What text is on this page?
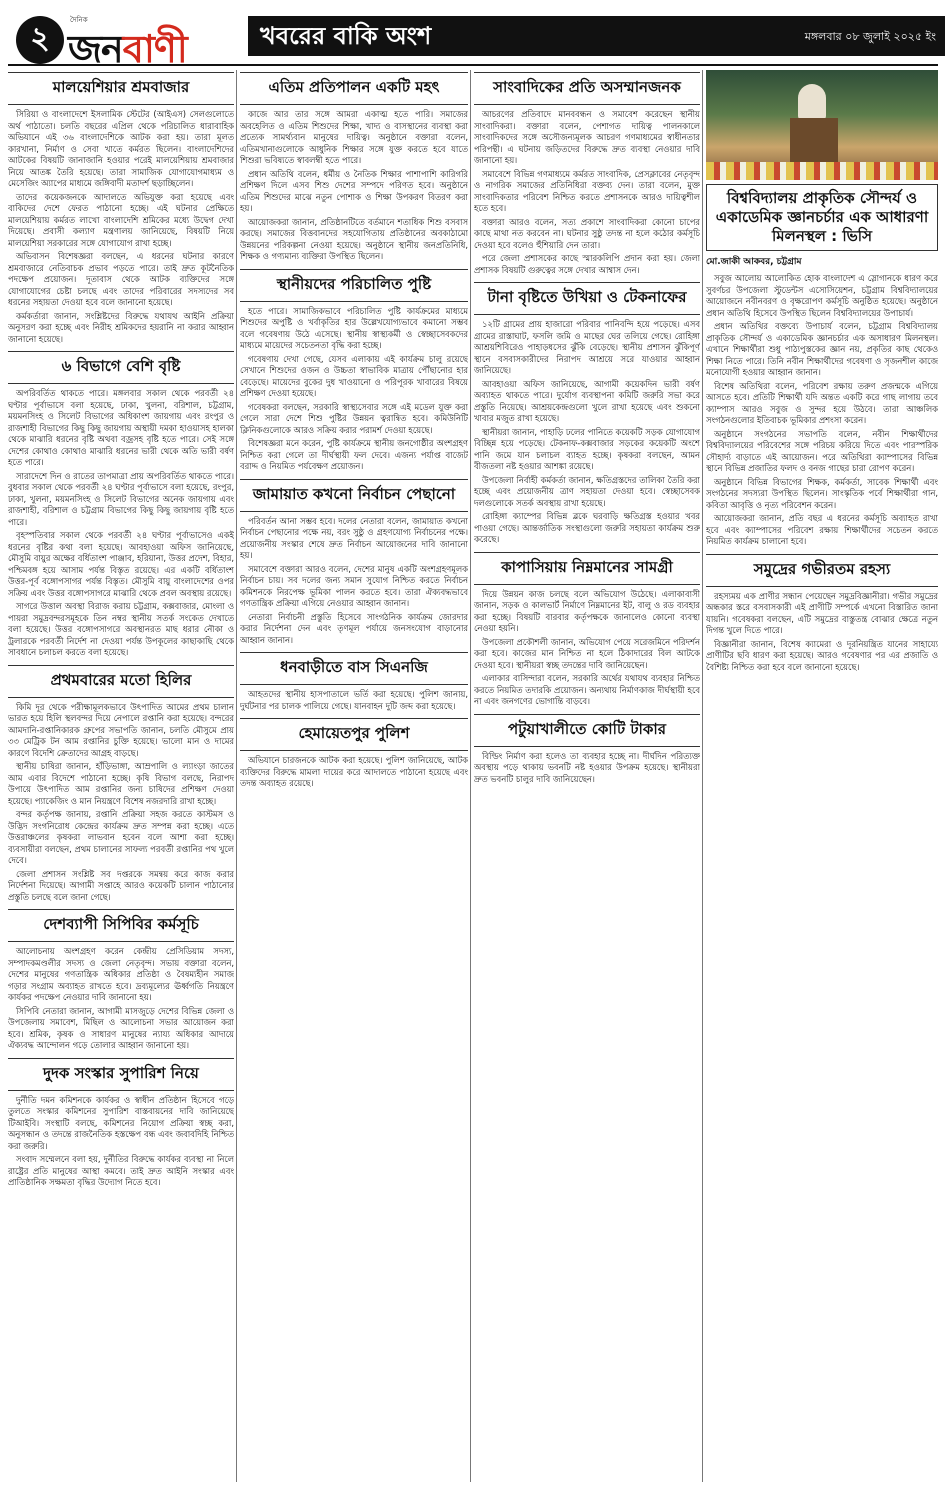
২
দৈনিক
জনবাণী	খবরের বাকি অংশ	মঙ্গলবার ০৮ জুলাই ২০২৫ ইং
মালয়েশিয়ার শ্রমবাজার

সিরিয়া ও বাংলাদেশে ইসলামিক স্টেটের (আইএস) সেলগুলোতে অর্থ পাঠাতো। চলতি বছরের এপ্রিল থেকে পরিচালিত ধারাবাহিক অভিযানে এই ৩৬ বাংলাদেশিকে আটক করা হয়। তারা মূলত কারখানা, নির্মাণ ও সেবা খাতে কর্মরত ছিলেন। বাংলাদেশিদের আটকের বিষয়টি জানাজানি হওয়ার পরেই মালয়েশিয়ায় শ্রমবাজার নিয়ে আতঙ্ক তৈরি হয়েছে। তারা সামাজিক যোগাযোগমাধ্যম ও মেসেজিং অ্যাপের মাধ্যমে জঙ্গিবাদী মতাদর্শ ছড়াচ্ছিলেন।

তাদের কয়েকজনকে আদালতে অভিযুক্ত করা হয়েছে এবং বাকিদের দেশে ফেরত পাঠানো হচ্ছে। এই ঘটনার প্রেক্ষিতে মালয়েশিয়ায় কর্মরত লাখো বাংলাদেশি শ্রমিকের মধ্যে উদ্বেগ দেখা দিয়েছে। প্রবাসী কল্যাণ মন্ত্রণালয় জানিয়েছে, বিষয়টি নিয়ে মালয়েশিয়া সরকারের সঙ্গে যোগাযোগ রাখা হচ্ছে।

অভিবাসন বিশেষজ্ঞরা বলছেন, এ ধরনের ঘটনার কারণে শ্রমবাজারে নেতিবাচক প্রভাব পড়তে পারে। তাই দ্রুত কূটনৈতিক পদক্ষেপ প্রয়োজন। দূতাবাস থেকে আটক ব্যক্তিদের সঙ্গে যোগাযোগের চেষ্টা চলছে এবং তাদের পরিবারের সদস্যদের সব ধরনের সহায়তা দেওয়া হবে বলে জানানো হয়েছে।

কর্মকর্তারা জানান, সংশ্লিষ্টদের বিরুদ্ধে যথাযথ আইনি প্রক্রিয়া অনুসরণ করা হচ্ছে এবং নিরীহ শ্রমিকদের হয়রানি না করার আহ্বান জানানো হয়েছে।

৬ বিভাগে বেশি বৃষ্টি

অপরিবর্তিত থাকতে পারে। মঙ্গলবার সকাল থেকে পরবর্তী ২৪ ঘণ্টার পূর্বাভাসে বলা হয়েছে, ঢাকা, খুলনা, বরিশাল, চট্টগ্রাম, ময়মনসিংহ ও সিলেট বিভাগের অধিকাংশ জায়গায় এবং রংপুর ও রাজশাহী বিভাগের কিছু কিছু জায়গায় অস্থায়ী দমকা হাওয়াসহ হালকা থেকে মাঝারি ধরনের বৃষ্টি অথবা বজ্রসহ বৃষ্টি হতে পারে। সেই সঙ্গে দেশের কোথাও কোথাও মাঝারি ধরনের ভারী থেকে অতি ভারী বর্ষণ হতে পারে।

সারাদেশে দিন ও রাতের তাপমাত্রা প্রায় অপরিবর্তিত থাকতে পারে। বুধবার সকাল থেকে পরবর্তী ২৪ ঘণ্টার পূর্বাভাসে বলা হয়েছে, রংপুর, ঢাকা, খুলনা, ময়মনসিংহ ও সিলেট বিভাগের অনেক জায়গায় এবং রাজশাহী, বরিশাল ও চট্টগ্রাম বিভাগের কিছু কিছু জায়গায় বৃষ্টি হতে পারে।

বৃহস্পতিবার সকাল থেকে পরবর্তী ২৪ ঘণ্টার পূর্বাভাসেও একই ধরনের বৃষ্টির কথা বলা হয়েছে। আবহাওয়া অফিস জানিয়েছে, মৌসুমি বায়ুর অক্ষের বর্ধিতাংশ পাঞ্জাব, হরিয়ানা, উত্তর প্রদেশ, বিহার, পশ্চিমবঙ্গ হয়ে আসাম পর্যন্ত বিস্তৃত রয়েছে। এর একটি বর্ধিতাংশ উত্তর-পূর্ব বঙ্গোপসাগর পর্যন্ত বিস্তৃত। মৌসুমি বায়ু বাংলাদেশের ওপর সক্রিয় এবং উত্তর বঙ্গোপসাগরে মাঝারি থেকে প্রবল অবস্থায় রয়েছে।

সাগরে উত্তাল অবস্থা বিরাজ করায় চট্টগ্রাম, কক্সবাজার, মোংলা ও পায়রা সমুদ্রবন্দরসমূহকে তিন নম্বর স্থানীয় সতর্ক সংকেত দেখাতে বলা হয়েছে। উত্তর বঙ্গোপসাগরে অবস্থানরত মাছ ধরার নৌকা ও ট্রলারকে পরবর্তী নির্দেশ না দেওয়া পর্যন্ত উপকূলের কাছাকাছি থেকে সাবধানে চলাচল করতে বলা হয়েছে।

প্রথমবারের মতো হিলির

কিমি দূর থেকে পরীক্ষামূলকভাবে উৎপাদিত আমের প্রথম চালান ভারত হয়ে হিলি স্থলবন্দর দিয়ে নেপালে রপ্তানি করা হয়েছে। বন্দরের আমদানি-রপ্তানিকারক গ্রুপের সভাপতি জানান, চলতি মৌসুমে প্রায় ৩৩ মেট্রিক টন আম রপ্তানির চুক্তি হয়েছে। ভালো মান ও দামের কারণে বিদেশি ক্রেতাদের আগ্রহ বাড়ছে।

স্থানীয় চাষিরা জানান, হাঁড়িভাঙ্গা, আম্রপালি ও ল্যাংড়া জাতের আম এবার বিদেশে পাঠানো হচ্ছে। কৃষি বিভাগ বলছে, নিরাপদ উপায়ে উৎপাদিত আম রপ্তানির জন্য চাষিদের প্রশিক্ষণ দেওয়া হয়েছে। প্যাকেজিং ও মান নিয়ন্ত্রণে বিশেষ নজরদারি রাখা হচ্ছে।

বন্দর কর্তৃপক্ষ জানায়, রপ্তানি প্রক্রিয়া সহজ করতে কাস্টমস ও উদ্ভিদ সংগনিরোধ কেন্দ্রের কার্যক্রম দ্রুত সম্পন্ন করা হচ্ছে। এতে উত্তরাঞ্চলের কৃষকরা লাভবান হবেন বলে আশা করা হচ্ছে। ব্যবসায়ীরা বলছেন, প্রথম চালানের সাফল্য পরবর্তী রপ্তানির পথ খুলে দেবে।

জেলা প্রশাসন সংশ্লিষ্ট সব দপ্তরকে সমন্বয় করে কাজ করার নির্দেশনা দিয়েছে। আগামী সপ্তাহে আরও কয়েকটি চালান পাঠানোর প্রস্তুতি চলছে বলে জানা গেছে।

দেশব্যাপী সিপিবির কর্মসূচি

আলোচনায় অংশগ্রহণ করেন কেন্দ্রীয় প্রেসিডিয়াম সদস্য, সম্পাদকমণ্ডলীর সদস্য ও জেলা নেতৃবৃন্দ। সভায় বক্তারা বলেন, দেশের মানুষের গণতান্ত্রিক অধিকার প্রতিষ্ঠা ও বৈষম্যহীন সমাজ গড়ার সংগ্রাম অব্যাহত রাখতে হবে। দ্রব্যমূল্যের ঊর্ধ্বগতি নিয়ন্ত্রণে কার্যকর পদক্ষেপ নেওয়ার দাবি জানানো হয়।

সিপিবি নেতারা জানান, আগামী মাসজুড়ে দেশের বিভিন্ন জেলা ও উপজেলায় সমাবেশ, মিছিল ও আলোচনা সভার আয়োজন করা হবে। শ্রমিক, কৃষক ও সাধারণ মানুষের ন্যায্য অধিকার আদায়ে ঐক্যবদ্ধ আন্দোলন গড়ে তোলার আহ্বান জানানো হয়।

দুদক সংস্কার সুপারিশ নিয়ে

দুর্নীতি দমন কমিশনকে কার্যকর ও স্বাধীন প্রতিষ্ঠান হিসেবে গড়ে তুলতে সংস্কার কমিশনের সুপারিশ বাস্তবায়নের দাবি জানিয়েছে টিআইবি। সংস্থাটি বলছে, কমিশনের নিয়োগ প্রক্রিয়া স্বচ্ছ করা, অনুসন্ধান ও তদন্তে রাজনৈতিক হস্তক্ষেপ বন্ধ এবং জবাবদিহি নিশ্চিত করা জরুরি।

সংবাদ সম্মেলনে বলা হয়, দুর্নীতির বিরুদ্ধে কার্যকর ব্যবস্থা না নিলে রাষ্ট্রের প্রতি মানুষের আস্থা কমবে। তাই দ্রুত আইনি সংস্কার এবং প্রাতিষ্ঠানিক সক্ষমতা বৃদ্ধির উদ্যোগ নিতে হবে।

এতিম প্রতিপালন একটি মহৎ

কাজে আর তার সঙ্গে আমরা একাত্ম হতে পারি। সমাজের অবহেলিত ও এতিম শিশুদের শিক্ষা, খাদ্য ও বাসস্থানের ব্যবস্থা করা প্রত্যেক সামর্থ্যবান মানুষের দায়িত্ব। অনুষ্ঠানে বক্তারা বলেন, এতিমখানাগুলোকে আধুনিক শিক্ষার সঙ্গে যুক্ত করতে হবে যাতে শিশুরা ভবিষ্যতে স্বাবলম্বী হতে পারে।

প্রধান অতিথি বলেন, ধর্মীয় ও নৈতিক শিক্ষার পাশাপাশি কারিগরি প্রশিক্ষণ দিলে এসব শিশু দেশের সম্পদে পরিণত হবে। অনুষ্ঠানে এতিম শিশুদের মাঝে নতুন পোশাক ও শিক্ষা উপকরণ বিতরণ করা হয়।

আয়োজকরা জানান, প্রতিষ্ঠানটিতে বর্তমানে শতাধিক শিশু বসবাস করছে। সমাজের বিত্তবানদের সহযোগিতায় প্রতিষ্ঠানের অবকাঠামো উন্নয়নের পরিকল্পনা নেওয়া হয়েছে। অনুষ্ঠানে স্থানীয় জনপ্রতিনিধি, শিক্ষক ও গণ্যমান্য ব্যক্তিরা উপস্থিত ছিলেন।

স্থানীয়দের পরিচালিত পুষ্টি

হতে পারে। সামাজিকভাবে পরিচালিত পুষ্টি কার্যক্রমের মাধ্যমে শিশুদের অপুষ্টি ও খর্বাকৃতির হার উল্লেখযোগ্যভাবে কমানো সম্ভব বলে গবেষণায় উঠে এসেছে। স্থানীয় স্বাস্থ্যকর্মী ও স্বেচ্ছাসেবকদের মাধ্যমে মায়েদের সচেতনতা বৃদ্ধি করা হচ্ছে।

গবেষণায় দেখা গেছে, যেসব এলাকায় এই কার্যক্রম চালু রয়েছে সেখানে শিশুদের ওজন ও উচ্চতা স্বাভাবিক মাত্রায় পৌঁছানোর হার বেড়েছে। মায়েদের বুকের দুধ খাওয়ানো ও পরিপূরক খাবারের বিষয়ে প্রশিক্ষণ দেওয়া হয়েছে।

গবেষকরা বলছেন, সরকারি স্বাস্থ্যসেবার সঙ্গে এই মডেল যুক্ত করা গেলে সারা দেশে শিশু পুষ্টির উন্নয়ন ত্বরান্বিত হবে। কমিউনিটি ক্লিনিকগুলোকে আরও সক্রিয় করার পরামর্শ দেওয়া হয়েছে।

বিশেষজ্ঞরা মনে করেন, পুষ্টি কার্যক্রমে স্থানীয় জনগোষ্ঠীর অংশগ্রহণ নিশ্চিত করা গেলে তা দীর্ঘস্থায়ী ফল দেবে। এজন্য পর্যাপ্ত বাজেট বরাদ্দ ও নিয়মিত পর্যবেক্ষণ প্রয়োজন।

জামায়াত কখনো নির্বাচন পেছানো

পরিবর্তন আনা সম্ভব হবে। দলের নেতারা বলেন, জামায়াত কখনো নির্বাচন পেছানোর পক্ষে নয়, বরং সুষ্ঠু ও গ্রহণযোগ্য নির্বাচনের পক্ষে। প্রয়োজনীয় সংস্কার শেষে দ্রুত নির্বাচন আয়োজনের দাবি জানানো হয়।

সমাবেশে বক্তারা আরও বলেন, দেশের মানুষ একটি অংশগ্রহণমূলক নির্বাচন চায়। সব দলের জন্য সমান সুযোগ নিশ্চিত করতে নির্বাচন কমিশনকে নিরপেক্ষ ভূমিকা পালন করতে হবে। তারা ঐক্যবদ্ধভাবে গণতান্ত্রিক প্রক্রিয়া এগিয়ে নেওয়ার আহ্বান জানান।

নেতারা নির্বাচনী প্রস্তুতি হিসেবে সাংগঠনিক কার্যক্রম জোরদার করার নির্দেশনা দেন এবং তৃণমূল পর্যায়ে জনসংযোগ বাড়ানোর আহ্বান জানান।

ধনবাড়ীতে বাস সিএনজি

আহতদের স্থানীয় হাসপাতালে ভর্তি করা হয়েছে। পুলিশ জানায়, দুর্ঘটনার পর চালক পালিয়ে গেছে। যানবাহন দুটি জব্দ করা হয়েছে।

হেমায়েতপুর পুলিশ

অভিযানে চারজনকে আটক করা হয়েছে। পুলিশ জানিয়েছে, আটক ব্যক্তিদের বিরুদ্ধে মামলা দায়ের করে আদালতে পাঠানো হয়েছে এবং তদন্ত অব্যাহত রয়েছে।

সাংবাদিকের প্রতি অসম্মানজনক

আচরণের প্রতিবাদে মানববন্ধন ও সমাবেশ করেছেন স্থানীয় সাংবাদিকরা। বক্তারা বলেন, পেশাগত দায়িত্ব পালনকালে সাংবাদিকদের সঙ্গে অসৌজন্যমূলক আচরণ গণমাধ্যমের স্বাধীনতার পরিপন্থী। এ ঘটনায় জড়িতদের বিরুদ্ধে দ্রুত ব্যবস্থা নেওয়ার দাবি জানানো হয়।

সমাবেশে বিভিন্ন গণমাধ্যমে কর্মরত সাংবাদিক, প্রেসক্লাবের নেতৃবৃন্দ ও নাগরিক সমাজের প্রতিনিধিরা বক্তব্য দেন। তারা বলেন, মুক্ত সাংবাদিকতার পরিবেশ নিশ্চিত করতে প্রশাসনকে আরও দায়িত্বশীল হতে হবে।

বক্তারা আরও বলেন, সত্য প্রকাশে সাংবাদিকরা কোনো চাপের কাছে মাথা নত করবেন না। ঘটনার সুষ্ঠু তদন্ত না হলে কঠোর কর্মসূচি দেওয়া হবে বলেও হুঁশিয়ারি দেন তারা।

পরে জেলা প্রশাসকের কাছে স্মারকলিপি প্রদান করা হয়। জেলা প্রশাসক বিষয়টি গুরুত্বের সঙ্গে দেখার আশ্বাস দেন।

টানা বৃষ্টিতে উখিয়া ও টেকনাফের

১২টি গ্রামের প্রায় হাজারো পরিবার পানিবন্দি হয়ে পড়েছে। এসব গ্রামের রাস্তাঘাট, ফসলি জমি ও মাছের ঘের তলিয়ে গেছে। রোহিঙ্গা আশ্রয়শিবিরেও পাহাড়ধসের ঝুঁকি বেড়েছে। স্থানীয় প্রশাসন ঝুঁকিপূর্ণ স্থানে বসবাসকারীদের নিরাপদ আশ্রয়ে সরে যাওয়ার আহ্বান জানিয়েছে।

আবহাওয়া অফিস জানিয়েছে, আগামী কয়েকদিন ভারী বর্ষণ অব্যাহত থাকতে পারে। দুর্যোগ ব্যবস্থাপনা কমিটি জরুরি সভা করে প্রস্তুতি নিয়েছে। আশ্রয়কেন্দ্রগুলো খুলে রাখা হয়েছে এবং শুকনো খাবার মজুত রাখা হয়েছে।

স্থানীয়রা জানান, পাহাড়ি ঢলের পানিতে কয়েকটি সড়ক যোগাযোগ বিচ্ছিন্ন হয়ে পড়েছে। টেকনাফ-কক্সবাজার সড়কের কয়েকটি অংশে পানি জমে যান চলাচল ব্যাহত হচ্ছে। কৃষকরা বলছেন, আমন বীজতলা নষ্ট হওয়ার আশঙ্কা রয়েছে।

উপজেলা নির্বাহী কর্মকর্তা জানান, ক্ষতিগ্রস্তদের তালিকা তৈরি করা হচ্ছে এবং প্রয়োজনীয় ত্রাণ সহায়তা দেওয়া হবে। স্বেচ্ছাসেবক দলগুলোকে সতর্ক অবস্থায় রাখা হয়েছে।

রোহিঙ্গা ক্যাম্পের বিভিন্ন ব্লকে ঘরবাড়ি ক্ষতিগ্রস্ত হওয়ার খবর পাওয়া গেছে। আন্তর্জাতিক সংস্থাগুলো জরুরি সহায়তা কার্যক্রম শুরু করেছে।

কাপাসিয়ায় নিম্নমানের সামগ্রী

দিয়ে উন্নয়ন কাজ চলছে বলে অভিযোগ উঠেছে। এলাকাবাসী জানান, সড়ক ও কালভার্ট নির্মাণে নিম্নমানের ইট, বালু ও রড ব্যবহার করা হচ্ছে। বিষয়টি বারবার কর্তৃপক্ষকে জানালেও কোনো ব্যবস্থা নেওয়া হয়নি।

উপজেলা প্রকৌশলী জানান, অভিযোগ পেয়ে সরেজমিনে পরিদর্শন করা হবে। কাজের মান নিশ্চিত না হলে ঠিকাদারের বিল আটকে দেওয়া হবে। স্থানীয়রা স্বচ্ছ তদন্তের দাবি জানিয়েছেন।

এলাকার বাসিন্দারা বলেন, সরকারি অর্থের যথাযথ ব্যবহার নিশ্চিত করতে নিয়মিত তদারকি প্রয়োজন। অন্যথায় নির্মাণকাজ দীর্ঘস্থায়ী হবে না এবং জনগণের ভোগান্তি বাড়বে।

পটুয়াখালীতে কোটি টাকার

বিল্ডিং নির্মাণ করা হলেও তা ব্যবহার হচ্ছে না। দীর্ঘদিন পরিত্যক্ত অবস্থায় পড়ে থাকায় ভবনটি নষ্ট হওয়ার উপক্রম হয়েছে। স্থানীয়রা দ্রুত ভবনটি চালুর দাবি জানিয়েছেন।

বিশ্ববিদ্যালয় প্রাকৃতিক সৌন্দর্য ও একাডেমিক জ্ঞানচর্চার এক আধারণা মিলনস্থল : ভিসি
মো.জাকী আকবর, চট্টগ্রাম

সবুজ আলোয় আলোকিত হোক বাংলাদেশ এ স্লোগানকে ধারণ করে সুবর্ণচর উপজেলা স্টুডেন্টস এসোসিয়েশন, চট্টগ্রাম বিশ্ববিদ্যালয়ের আয়োজনে নবীনবরণ ও বৃক্ষরোপণ কর্মসূচি অনুষ্ঠিত হয়েছে। অনুষ্ঠানে প্রধান অতিথি হিসেবে উপস্থিত ছিলেন বিশ্ববিদ্যালয়ের উপাচার্য।

প্রধান অতিথির বক্তব্যে উপাচার্য বলেন, চট্টগ্রাম বিশ্ববিদ্যালয় প্রাকৃতিক সৌন্দর্য ও একাডেমিক জ্ঞানচর্চার এক অসাধারণ মিলনস্থল। এখানে শিক্ষার্থীরা শুধু পাঠ্যপুস্তকের জ্ঞান নয়, প্রকৃতির কাছ থেকেও শিক্ষা নিতে পারে। তিনি নবীন শিক্ষার্থীদের গবেষণা ও সৃজনশীল কাজে মনোযোগী হওয়ার আহ্বান জানান।

বিশেষ অতিথিরা বলেন, পরিবেশ রক্ষায় তরুণ প্রজন্মকে এগিয়ে আসতে হবে। প্রতিটি শিক্ষার্থী যদি অন্তত একটি করে গাছ লাগায় তবে ক্যাম্পাস আরও সবুজ ও সুন্দর হয়ে উঠবে। তারা আঞ্চলিক সংগঠনগুলোর ইতিবাচক ভূমিকার প্রশংসা করেন।

অনুষ্ঠানে সংগঠনের সভাপতি বলেন, নবীন শিক্ষার্থীদের বিশ্ববিদ্যালয়ের পরিবেশের সঙ্গে পরিচয় করিয়ে দিতে এবং পারস্পরিক সৌহার্দ্য বাড়াতে এই আয়োজন। পরে অতিথিরা ক্যাম্পাসের বিভিন্ন স্থানে বিভিন্ন প্রজাতির ফলদ ও বনজ গাছের চারা রোপণ করেন।

অনুষ্ঠানে বিভিন্ন বিভাগের শিক্ষক, কর্মকর্তা, সাবেক শিক্ষার্থী এবং সংগঠনের সদস্যরা উপস্থিত ছিলেন। সাংস্কৃতিক পর্বে শিক্ষার্থীরা গান, কবিতা আবৃত্তি ও নৃত্য পরিবেশন করেন।

আয়োজকরা জানান, প্রতি বছর এ ধরনের কর্মসূচি অব্যাহত রাখা হবে এবং ক্যাম্পাসের পরিবেশ রক্ষায় শিক্ষার্থীদের সচেতন করতে নিয়মিত কার্যক্রম চালানো হবে।

সমুদ্রের গভীরতম রহস্য

রহস্যময় এক প্রাণীর সন্ধান পেয়েছেন সমুদ্রবিজ্ঞানীরা। গভীর সমুদ্রের অন্ধকার স্তরে বসবাসকারী এই প্রাণীটি সম্পর্কে এখনো বিস্তারিত জানা যায়নি। গবেষকরা বলছেন, এটি সমুদ্রের বাস্তুতন্ত্র বোঝার ক্ষেত্রে নতুন দিগন্ত খুলে দিতে পারে।

বিজ্ঞানীরা জানান, বিশেষ ক্যামেরা ও দূরনিয়ন্ত্রিত যানের সাহায্যে প্রাণীটির ছবি ধারণ করা হয়েছে। আরও গবেষণার পর এর প্রজাতি ও বৈশিষ্ট্য নিশ্চিত করা হবে বলে জানানো হয়েছে।
